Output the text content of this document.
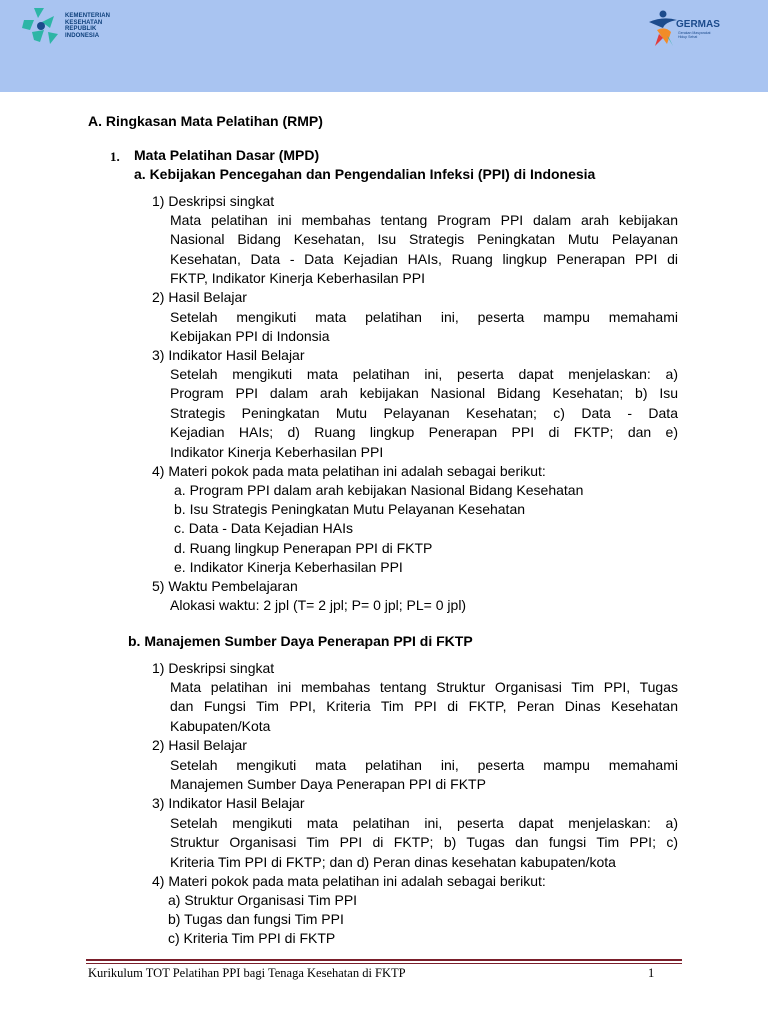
KEMENTERIAN
KESEHATAN
REPUBLIK
INDONESIA
GERMAS
Gerakan Masyarakat
Hidup Sehat
A. Ringkasan Mata Pelatihan (RMP)
1. Mata Pelatihan Dasar (MPD)
a. Kebijakan Pencegahan dan Pengendalian Infeksi (PPI) di Indonesia
1) Deskripsi singkat
Mata pelatihan ini membahas tentang Program PPI dalam arah kebijakan
Nasional Bidang Kesehatan, Isu Strategis Peningkatan Mutu Pelayanan
Kesehatan, Data - Data Kejadian HAIs, Ruang lingkup Penerapan PPI di
FKTP, Indikator Kinerja Keberhasilan PPI
2) Hasil Belajar
Setelah mengikuti mata pelatihan ini, peserta mampu memahami
Kebijakan PPI di Indonsia
3) Indikator Hasil Belajar
Setelah mengikuti mata pelatihan ini, peserta dapat menjelaskan: a)
Program PPI dalam arah kebijakan Nasional Bidang Kesehatan; b) Isu
Strategis Peningkatan Mutu Pelayanan Kesehatan; c) Data - Data
Kejadian HAIs; d) Ruang lingkup Penerapan PPI di FKTP; dan e)
Indikator Kinerja Keberhasilan PPI
4) Materi pokok pada mata pelatihan ini adalah sebagai berikut:
a. Program PPI dalam arah kebijakan Nasional Bidang Kesehatan
b. Isu Strategis Peningkatan Mutu Pelayanan Kesehatan
c. Data - Data Kejadian HAIs
d. Ruang lingkup Penerapan PPI di FKTP
e. Indikator Kinerja Keberhasilan PPI
5) Waktu Pembelajaran
Alokasi waktu: 2 jpl (T= 2 jpl; P= 0 jpl; PL= 0 jpl)
b. Manajemen Sumber Daya Penerapan PPI di FKTP
1) Deskripsi singkat
Mata pelatihan ini membahas tentang Struktur Organisasi Tim PPI, Tugas
dan Fungsi Tim PPI, Kriteria Tim PPI di FKTP, Peran Dinas Kesehatan
Kabupaten/Kota
2) Hasil Belajar
Setelah mengikuti mata pelatihan ini, peserta mampu memahami
Manajemen Sumber Daya Penerapan PPI di FKTP
3) Indikator Hasil Belajar
Setelah mengikuti mata pelatihan ini, peserta dapat menjelaskan: a)
Struktur Organisasi Tim PPI di FKTP; b) Tugas dan fungsi Tim PPI; c)
Kriteria Tim PPI di FKTP; dan d) Peran dinas kesehatan kabupaten/kota
4) Materi pokok pada mata pelatihan ini adalah sebagai berikut:
a) Struktur Organisasi Tim PPI
b) Tugas dan fungsi Tim PPI
c) Kriteria Tim PPI di FKTP
Kurikulum TOT Pelatihan PPI bagi Tenaga Kesehatan di FKTP	1
